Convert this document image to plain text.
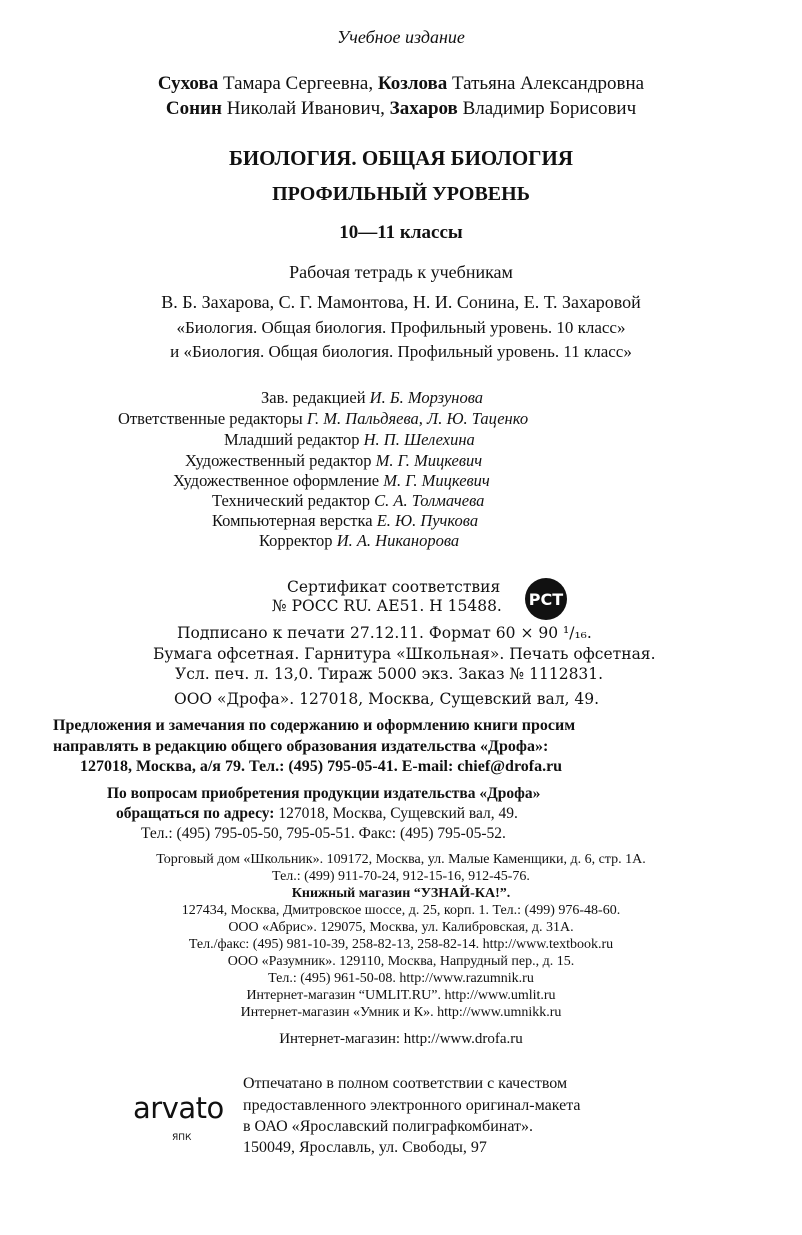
Учебное издание
Сухова Тамара Сергеевна, Козлова Татьяна Александровна
Сонин Николай Иванович, Захаров Владимир Борисович
БИОЛОГИЯ. ОБЩАЯ БИОЛОГИЯ
ПРОФИЛЬНЫЙ УРОВЕНЬ
10—11 классы
Рабочая тетрадь к учебникам
В. Б. Захарова, С. Г. Мамонтова, Н. И. Сонина, Е. Т. Захаровой
«Биология. Общая биология. Профильный уровень. 10 класс»
и «Биология. Общая биология. Профильный уровень. 11 класс»
Зав. редакцией И. Б. Морзунова
Ответственные редакторы Г. М. Пальдяева, Л. Ю. Таценко
Младший редактор Н. П. Шелехина
Художественный редактор М. Г. Мицкевич
Художественное оформление М. Г. Мицкевич
Технический редактор С. А. Толмачева
Компьютерная верстка Е. Ю. Пучкова
Корректор И. А. Никанорова
Сертификат соответствия
№ РОСС RU. АЕ51. Н 15488. РСТ
Подписано к печати 27.12.11. Формат 60 × 90 ¹/₁₆.
Бумага офсетная. Гарнитура «Школьная». Печать офсетная.
Усл. печ. л. 13,0. Тираж 5000 экз. Заказ № 1112831.
ООО «Дрофа». 127018, Москва, Сущевский вал, 49.
Предложения и замечания по содержанию и оформлению книги просим
направлять в редакцию общего образования издательства «Дрофа»:
127018, Москва, а/я 79. Тел.: (495) 795-05-41. E-mail: chief@drofa.ru
По вопросам приобретения продукции издательства «Дрофа»
обращаться по адресу: 127018, Москва, Сущевский вал, 49.
Тел.: (495) 795-05-50, 795-05-51. Факс: (495) 795-05-52.
Торговый дом «Школьник». 109172, Москва, ул. Малые Каменщики, д. 6, стр. 1А.
Тел.: (499) 911-70-24, 912-15-16, 912-45-76.
Книжный магазин “УЗНАЙ-КА!”.
127434, Москва, Дмитровское шоссе, д. 25, корп. 1. Тел.: (499) 976-48-60.
ООО «Абрис». 129075, Москва, ул. Калибровская, д. 31А.
Тел./факс: (495) 981-10-39, 258-82-13, 258-82-14. http://www.textbook.ru
ООО «Разумник». 129110, Москва, Напрудный пер., д. 15.
Тел.: (495) 961-50-08. http://www.razumnik.ru
Интернет-магазин “UMLIT.RU”. http://www.umlit.ru
Интернет-магазин «Умник и К». http://www.umnikk.ru
Интернет-магазин: http://www.drofa.ru
arvato
ЯПК
Отпечатано в полном соответствии с качеством
предоставленного электронного оригинал-макета
в ОАО «Ярославский полиграфкомбинат».
150049, Ярославль, ул. Свободы, 97
